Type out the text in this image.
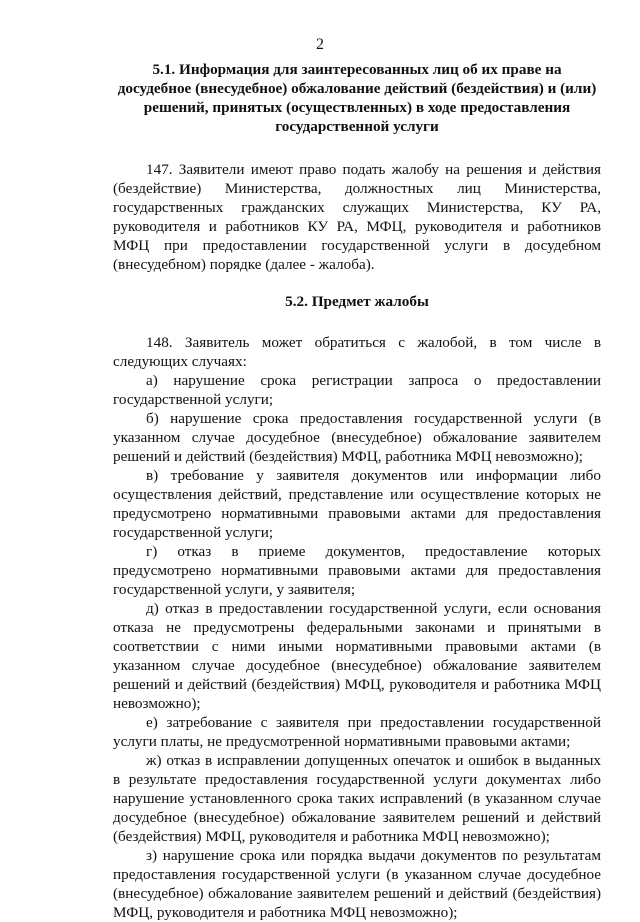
2

5.1. Информация для заинтересованных лиц об их праве на досудебное (внесудебное) обжалование действий (бездействия) и (или) решений, принятых (осуществленных) в ходе предоставления государственной услуги

147. Заявители имеют право подать жалобу на решения и действия (бездействие) Министерства, должностных лиц Министерства, государственных гражданских служащих Министерства, КУ РА, руководителя и работников КУ РА, МФЦ, руководителя и работников МФЦ при предоставлении государственной услуги в досудебном (внесудебном) порядке (далее - жалоба).

5.2. Предмет жалобы

148. Заявитель может обратиться с жалобой, в том числе в следующих случаях:

а) нарушение срока регистрации запроса о предоставлении государственной услуги;

б) нарушение срока предоставления государственной услуги (в указанном случае досудебное (внесудебное) обжалование заявителем решений и действий (бездействия) МФЦ, работника МФЦ невозможно);

в) требование у заявителя документов или информации либо осуществления действий, представление или осуществление которых не предусмотрено нормативными правовыми актами для предоставления государственной услуги;

г) отказ в приеме документов, предоставление которых предусмотрено нормативными правовыми актами для предоставления государственной услуги, у заявителя;

д) отказ в предоставлении государственной услуги, если основания отказа не предусмотрены федеральными законами и принятыми в соответствии с ними иными нормативными правовыми актами (в указанном случае досудебное (внесудебное) обжалование заявителем решений и действий (бездействия) МФЦ, руководителя и работника МФЦ невозможно);

е) затребование с заявителя при предоставлении государственной услуги платы, не предусмотренной нормативными правовыми актами;

ж) отказ в исправлении допущенных опечаток и ошибок в выданных в результате предоставления государственной услуги документах либо нарушение установленного срока таких исправлений (в указанном случае досудебное (внесудебное) обжалование заявителем решений и действий (бездействия) МФЦ, руководителя и работника МФЦ невозможно);

з) нарушение срока или порядка выдачи документов по результатам предоставления государственной услуги (в указанном случае досудебное (внесудебное) обжалование заявителем решений и действий (бездействия) МФЦ, руководителя и работника МФЦ невозможно);
